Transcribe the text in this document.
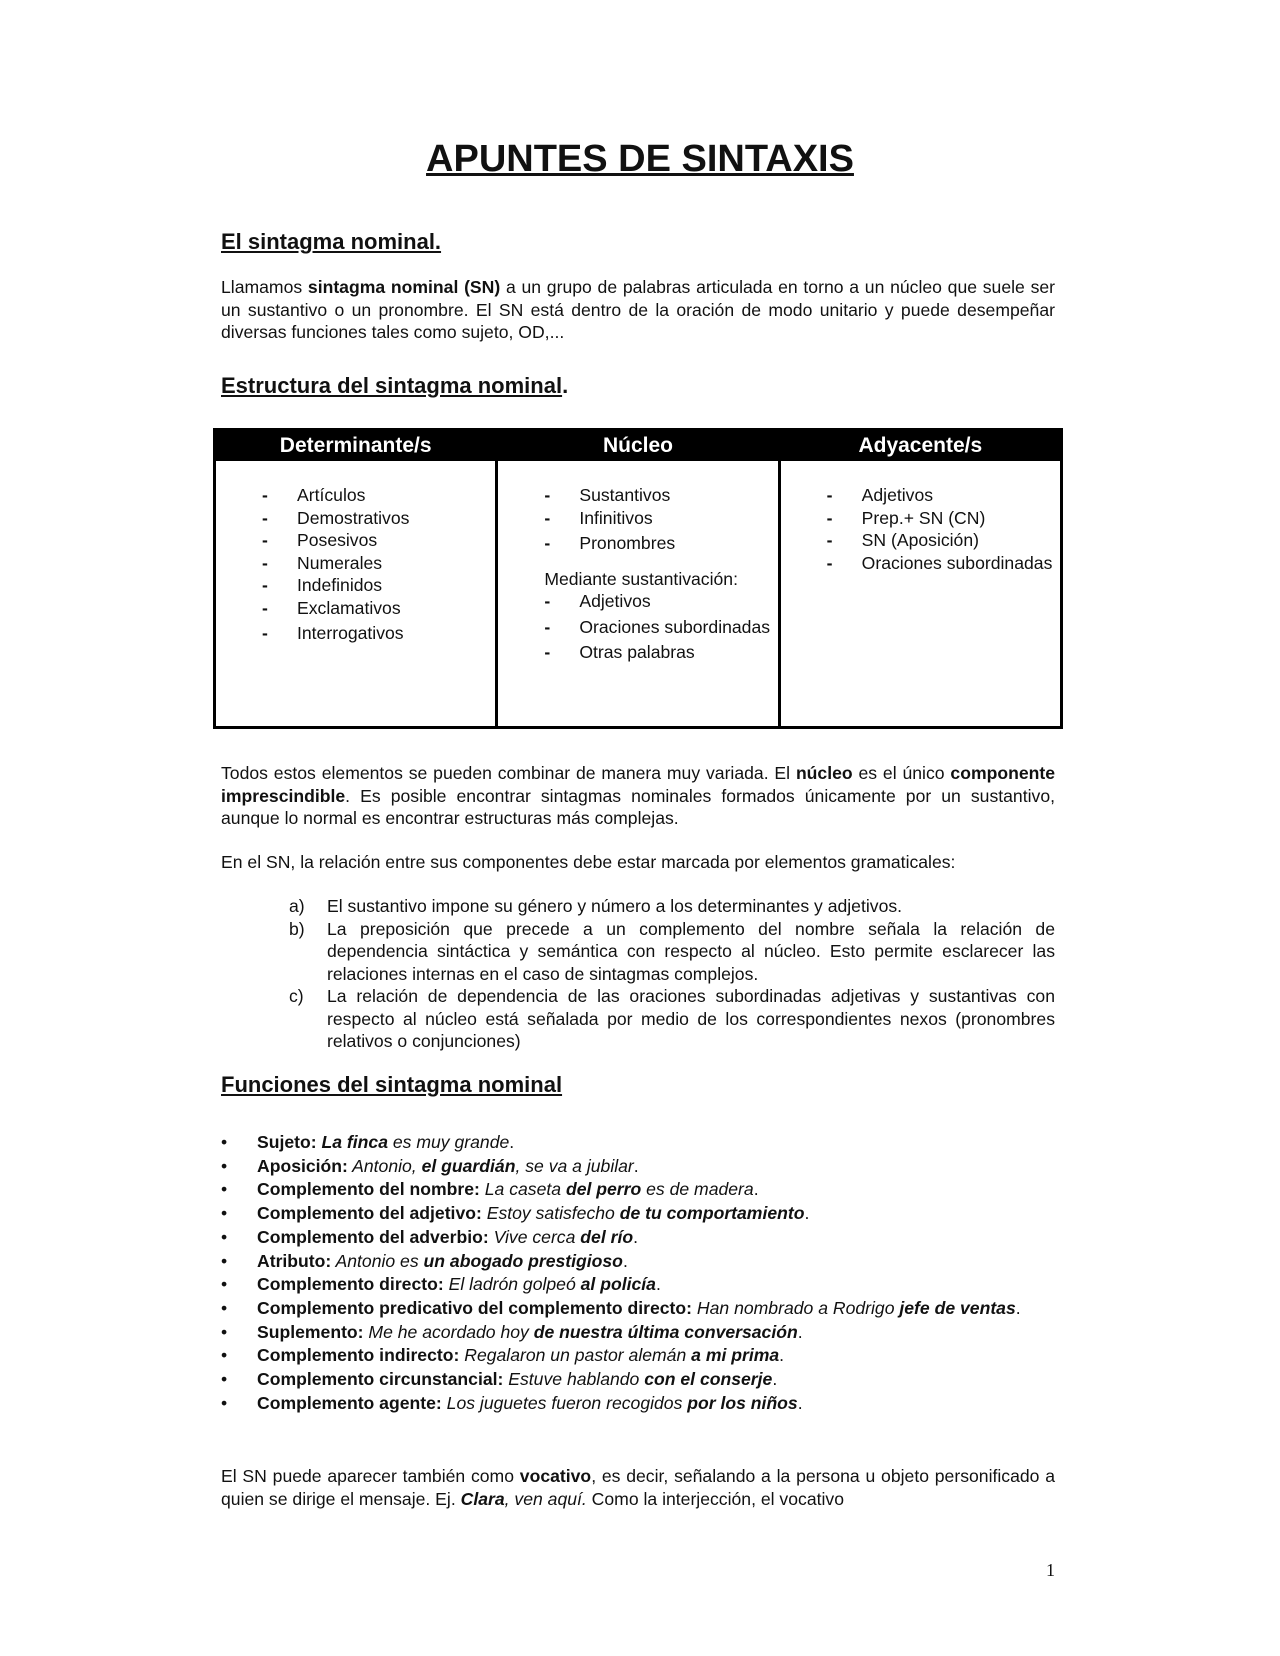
APUNTES DE SINTAXIS
El sintagma nominal.

Llamamos sintagma nominal (SN) a un grupo de palabras articulada en torno a un núcleo que suele ser un sustantivo o un pronombre. El SN está dentro de la oración de modo unitario y puede desempeñar diversas funciones tales como sujeto, OD,...

Estructura del sintagma nominal.
Determinante/s
- Artículos
- Demostrativos
- Posesivos
- Numerales
- Indefinidos
- Exclamativos
- Interrogativos
Núcleo
- Sustantivos
- Infinitivos
- Pronombres

Mediante sustantivación:

- Adjetivos
- Oraciones subordinadas
- Otras palabras
Adyacente/s
- Adjetivos
- Prep.+ SN (CN)
- SN (Aposición)
- Oraciones subordinadas

Todos estos elementos se pueden combinar de manera muy variada. El núcleo es el único componente imprescindible. Es posible encontrar sintagmas nominales formados únicamente por un sustantivo, aunque lo normal es encontrar estructuras más complejas.

En el SN, la relación entre sus componentes debe estar marcada por elementos gramaticales:

a) El sustantivo impone su género y número a los determinantes y adjetivos.
b) La preposición que precede a un complemento del nombre señala la relación de dependencia sintáctica y semántica con respecto al núcleo. Esto permite esclarecer las relaciones internas en el caso de sintagmas complejos.
c) La relación de dependencia de las oraciones subordinadas adjetivas y sustantivas con respecto al núcleo está señalada por medio de los correspondientes nexos (pronombres relativos o conjunciones)
Funciones del sintagma nominal
• Sujeto: La finca es muy grande.
• Aposición: Antonio, el guardián, se va a jubilar.
• Complemento del nombre: La caseta del perro es de madera.
• Complemento del adjetivo: Estoy satisfecho de tu comportamiento.
• Complemento del adverbio: Vive cerca del río.
• Atributo: Antonio es un abogado prestigioso.
• Complemento directo: El ladrón golpeó al policía.
• Complemento predicativo del complemento directo: Han nombrado a Rodrigo jefe de ventas.
• Suplemento: Me he acordado hoy de nuestra última conversación.
• Complemento indirecto: Regalaron un pastor alemán a mi prima.
• Complemento circunstancial: Estuve hablando con el conserje.
• Complemento agente: Los juguetes fueron recogidos por los niños.

El SN puede aparecer también como vocativo, es decir, señalando a la persona u objeto personificado a quien se dirige el mensaje. Ej. Clara, ven aquí. Como la interjección, el vocativo

1
